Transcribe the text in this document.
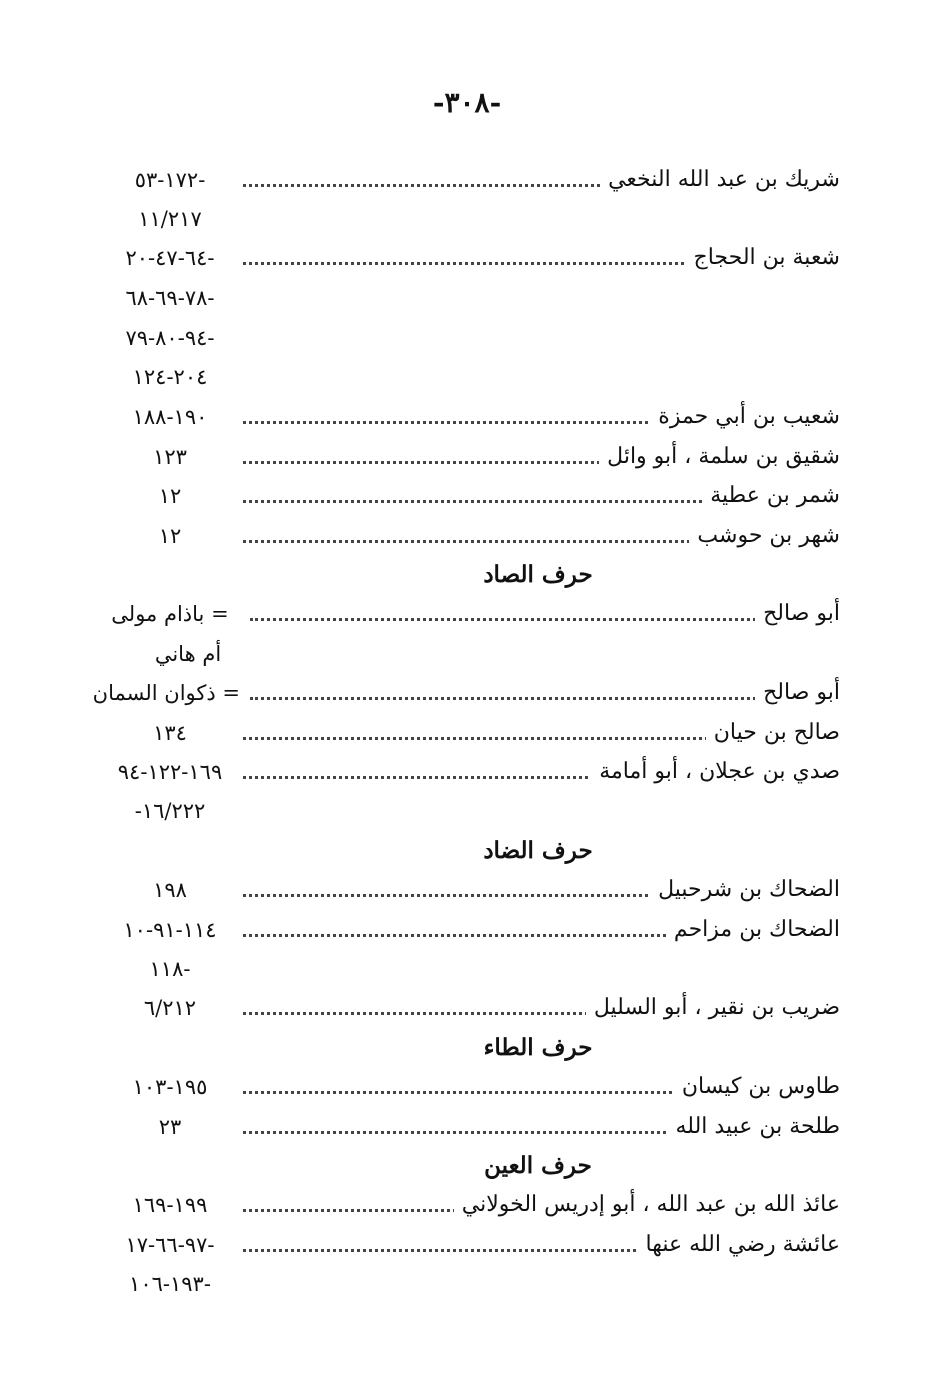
-٣٠٨-
شريك بن عبد الله النخعي
-١٧٢-٥٣
١١/٢١٧
شعبة بن الحجاج
-٦٤-٤٧-٢٠
-٧٨-٦٩-٦٨
-٩٤-٨٠-٧٩
٢٠٤-١٢٤
شعيب بن أبي حمزة
١٩٠-١٨٨
شقيق بن سلمة ، أبو وائل
١٢٣
شمر بن عطية
١٢
شهر بن حوشب
١٢
حرف الصاد
أبو صالح
= باذام مولى
أم هاني
أبو صالح
= ذكوان السمان
صالح بن حيان
١٣٤
صدي بن عجلان ، أبو أمامة
١٦٩-١٢٢-٩٤
١٦/٢٢٢-
حرف الضاد
الضحاك بن شرحبيل
١٩٨
الضحاك بن مزاحم
١١٤-٩١-١٠
-١١٨
ضريب بن نقير ، أبو السليل
٦/٢١٢
حرف الطاء
طاوس بن كيسان
١٩٥-١٠٣
طلحة بن عبيد الله
٢٣
حرف العين
عائذ الله بن عبد الله ، أبو إدريس الخولاني
١٩٩-١٦٩
عائشة رضي الله عنها
-٩٧-٦٦-١٧
-١٩٣-١٠٦
